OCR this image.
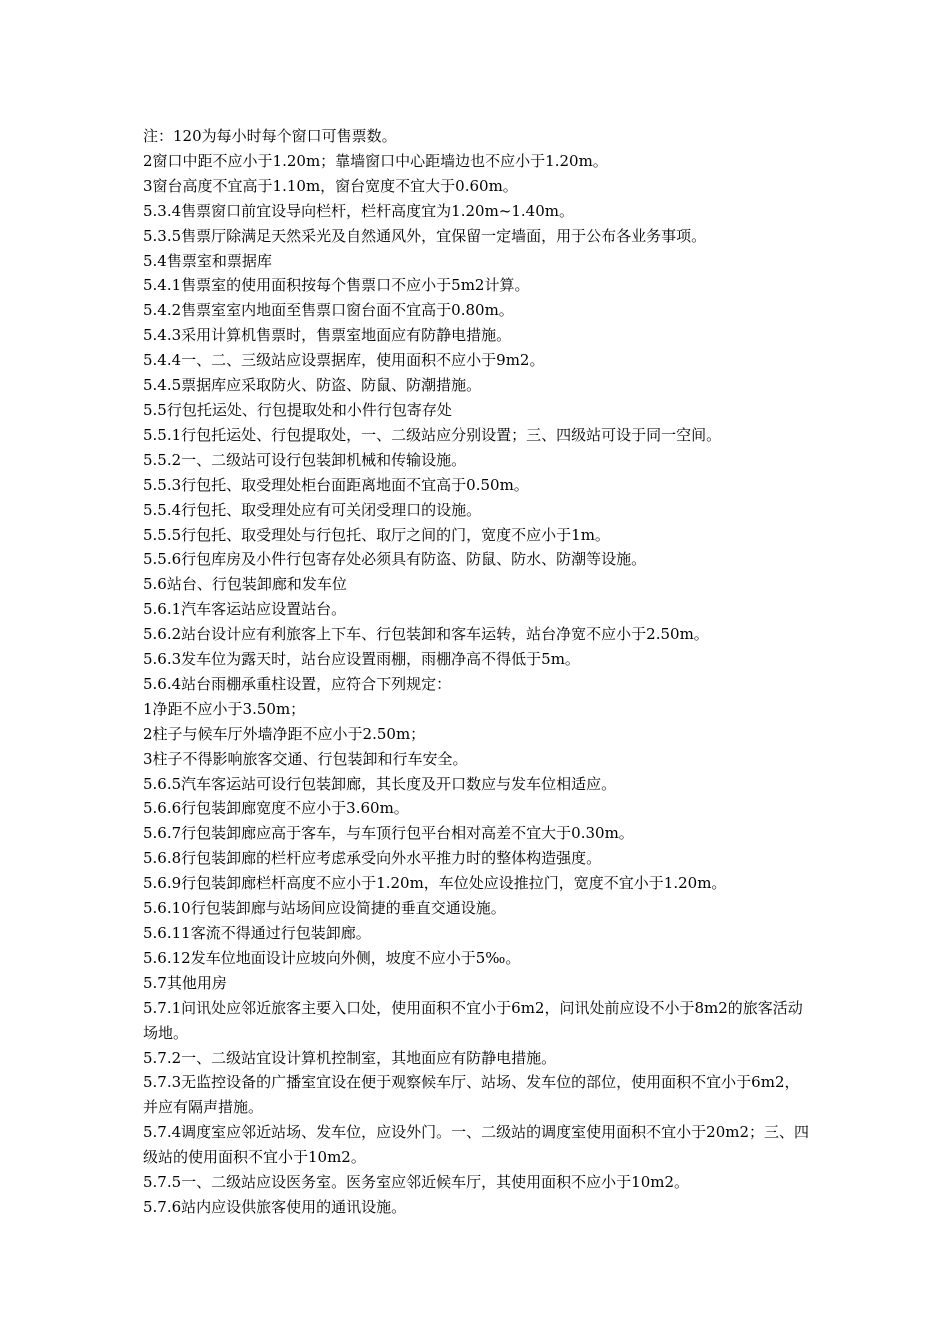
注：120为每小时每个窗口可售票数。

2窗口中距不应小于1.20m；靠墙窗口中心距墙边也不应小于1.20m。

3窗台高度不宜高于1.10m，窗台宽度不宜大于0.60m。

5.3.4售票窗口前宜设导向栏杆，栏杆高度宜为1.20m~1.40m。

5.3.5售票厅除满足天然采光及自然通风外，宜保留一定墙面，用于公布各业务事项。

5.4售票室和票据库

5.4.1售票室的使用面积按每个售票口不应小于5m2计算。

5.4.2售票室室内地面至售票口窗台面不宜高于0.80m。

5.4.3采用计算机售票时，售票室地面应有防静电措施。

5.4.4一、二、三级站应设票据库，使用面积不应小于9m2。

5.4.5票据库应采取防火、防盗、防鼠、防潮措施。

5.5行包托运处、行包提取处和小件行包寄存处

5.5.1行包托运处、行包提取处，一、二级站应分别设置；三、四级站可设于同一空间。

5.5.2一、二级站可设行包装卸机械和传输设施。

5.5.3行包托、取受理处柜台面距离地面不宜高于0.50m。

5.5.4行包托、取受理处应有可关闭受理口的设施。

5.5.5行包托、取受理处与行包托、取厅之间的门，宽度不应小于1m。

5.5.6行包库房及小件行包寄存处必须具有防盗、防鼠、防水、防潮等设施。

5.6站台、行包装卸廊和发车位

5.6.1汽车客运站应设置站台。

5.6.2站台设计应有利旅客上下车、行包装卸和客车运转，站台净宽不应小于2.50m。

5.6.3发车位为露天时，站台应设置雨棚，雨棚净高不得低于5m。

5.6.4站台雨棚承重柱设置，应符合下列规定：

1净距不应小于3.50m；

2柱子与候车厅外墙净距不应小于2.50m；

3柱子不得影响旅客交通、行包装卸和行车安全。

5.6.5汽车客运站可设行包装卸廊，其长度及开口数应与发车位相适应。

5.6.6行包装卸廊宽度不应小于3.60m。

5.6.7行包装卸廊应高于客车，与车顶行包平台相对高差不宜大于0.30m。

5.6.8行包装卸廊的栏杆应考虑承受向外水平推力时的整体构造强度。

5.6.9行包装卸廊栏杆高度不应小于1.20m，车位处应设推拉门，宽度不宜小于1.20m。

5.6.10行包装卸廊与站场间应设简捷的垂直交通设施。

5.6.11客流不得通过行包装卸廊。

5.6.12发车位地面设计应坡向外侧，坡度不应小于5‰。

5.7其他用房

5.7.1问讯处应邻近旅客主要入口处，使用面积不宜小于6m2，问讯处前应设不小于8m2的旅客活动场地。

5.7.2一、二级站宜设计算机控制室，其地面应有防静电措施。

5.7.3无监控设备的广播室宜设在便于观察候车厅、站场、发车位的部位，使用面积不宜小于6m2，并应有隔声措施。

5.7.4调度室应邻近站场、发车位，应设外门。一、二级站的调度室使用面积不宜小于20m2；三、四级站的使用面积不宜小于10m2。

5.7.5一、二级站应设医务室。医务室应邻近候车厅，其使用面积不应小于10m2。

5.7.6站内应设供旅客使用的通讯设施。
